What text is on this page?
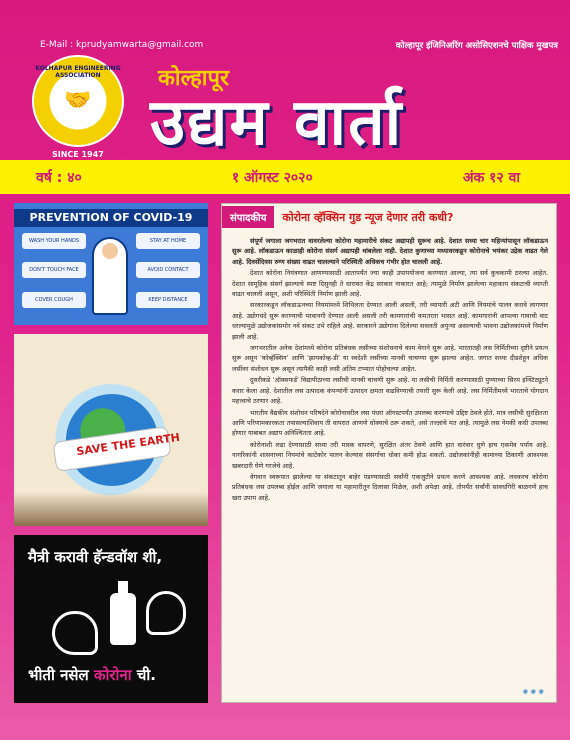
E-Mail : kprudyamwarta@gmail.com	कोल्हापूर इंजिनिअरिंग असोसिएशनचे पाक्षिक मुखपत्र
KOLHAPUR ENGINEERING ASSOCIATION
🤝
SINCE 1947
कोल्हापूर
उद्यम वार्ता
वर्ष : ४०	१ ऑगस्ट २०२०	अंक १२ वा
PREVENTION OF COVID-19
WASH YOUR HANDS	STAY AT HOME
DON'T TOUCH FACE	AVOID CONTACT
COVER COUGH	KEEP DISTANCE
SAVE THE EARTH
मैत्री करावी हॅन्डवॉश शी,
भीती नसेल कोरोना ची.
संपादकीय	कोरोना व्हॅक्सिन गुड न्यूज देणार तरी कधी?

संपूर्ण जगाला जगभरात वावरलेल्या कोरोना महामारीचे संकट अद्यापही सुरूच आहे. देशात सध्या चार महिन्यांपासून लॉकडाऊन सुरू आहे. लॉकडाऊन काळाही कोरोना संसर्ग अद्यापही थांबलेला नाही. देशात कुणाच्या मध्यावरकडून कोरोनाचे भयंकर उद्रेक वाढत गेले आहे. दिवसेंदिवस रुग्ण संख्या वाढत चालल्याने परिस्थिती अधिकच गंभीर होत चालली आहे.

देशात कोरोना नियंत्रणात आणण्यासाठी आतापर्यंत ज्या काही उपाययोजना करण्यात आल्या, त्या सर्व कुचकामी ठरल्या आहेत. देशात सामूहिक संसर्ग झाल्याचे स्पष्ट दिसुनही ते धारावत केंद्र सरकार नाकारत आहे; त्यामुळे निर्माण झालेल्या महाकाय संकटाची व्याप्ती वाढत चालली असून, अशी परिस्थिती निर्माण झाली आहे.

सरकारकडून लॉकडाऊनच्या नियमांमध्ये शिथिलता देण्यात आली असली, तरी व्यापारी अटी आणि नियमांचे पालन करावे लागणार आहे. उद्योगधंदे सुरू करण्याची परवानगी देण्यात आली असली तरी कामगारांची कमतरता भासत आहे. कामगारांनी आपल्या गावाची वाट धरल्यामुळे उद्योजकांसमोर नवे संकट उभे राहिले आहे. सरकारने उद्योगांना दिलेल्या सवलती अपुऱ्या असल्याची भावना उद्योजकांमध्ये निर्माण झाली आहे.

जगभरातील अनेक देशांमध्ये कोरोना प्रतिबंधक लसीच्या संशोधनाचे काम वेगाने सुरू आहे. भारतातही लस निर्मितीच्या दृष्टीने प्रयत्न सुरू असून 'कोव्हॅक्सिन' आणि 'झायकोव्ह-डी' या स्वदेशी लसींच्या मानवी चाचण्या सुरू झाल्या आहेत. जगात सध्या दीडशेहून अधिक लसींवर संशोधन सुरू असून त्यापैकी काही लसी अंतिम टप्प्यात पोहोचल्या आहेत.

दुसरीकडे 'ऑक्सफर्ड' विद्यापीठाच्या लसीची मानवी चाचणी सुरू आहे. या लसीची निर्मिती करण्यासाठी पुण्याच्या सिरम इन्स्टिट्यूटने करार केला आहे. देशातील लस उत्पादक कंपन्यांनी उत्पादन क्षमता वाढविण्याची तयारी सुरू केली आहे. लस निर्मितीमध्ये भारताचे योगदान महत्त्वाचे ठरणार आहे.

भारतीय वैद्यकीय संशोधन परिषदेने कोरोनावरील लस पंधरा ऑगस्टपर्यंत उपलब्ध करण्याचे उद्दिष्ट ठेवले होते. मात्र लसीची सुरक्षितता आणि परिणामकारकता तपासल्याशिवाय ती वापरात आणणे धोक्याचे ठरू शकते, असे तज्ज्ञांचे मत आहे. त्यामुळे लस नेमकी कधी उपलब्ध होणार याबाबत अद्याप अनिश्चितता आहे.

कोरोनाशी लढा देण्यासाठी सध्या तरी मास्क वापरणे, सुरक्षित अंतर ठेवणे आणि हात वारंवार धुणे हाच एकमेव पर्याय आहे. नागरिकांनी शासनाच्या नियमांचे काटेकोर पालन केल्यास संसर्गाचा धोका कमी होऊ शकतो. उद्योजकांनीही कामाच्या ठिकाणी आवश्यक खबरदारी घेणे गरजेचे आहे.

वेगवान स्वरूपात झालेल्या या संकटातून बाहेर पडण्यासाठी सर्वांनी एकजुटीने प्रयत्न करणे आवश्यक आहे. लवकरच कोरोना प्रतिबंधक लस उपलब्ध होईल आणि जगाला या महामारीतून दिलासा मिळेल, अशी अपेक्षा आहे. तोपर्यंत सर्वांनी सावधगिरी बाळगणे हाच खरा उपाय आहे.

❀❀❀
